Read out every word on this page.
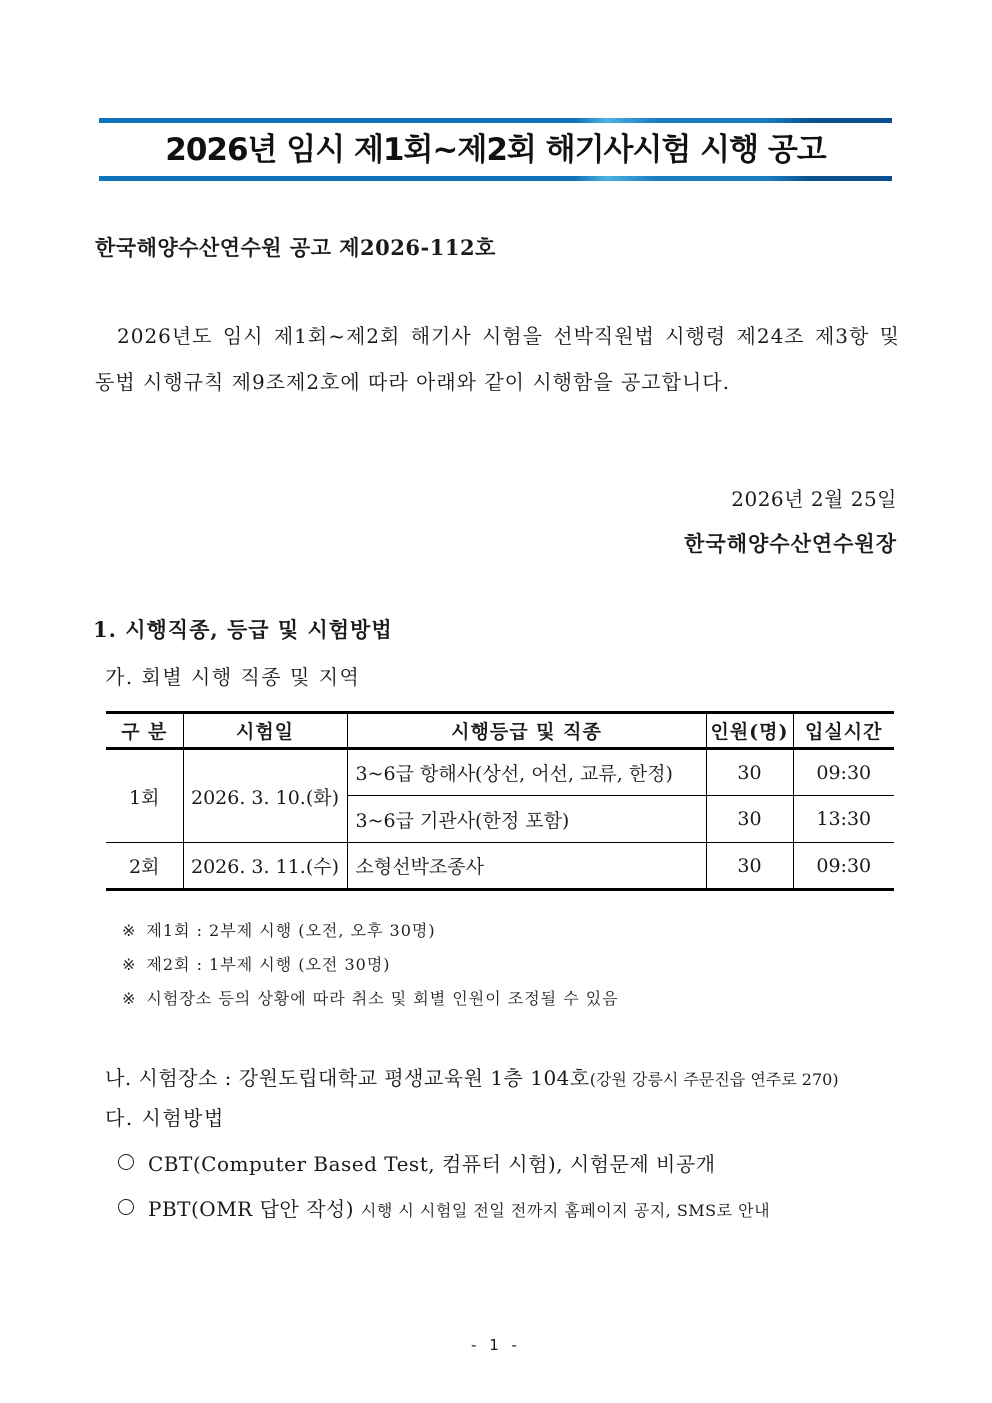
2026년 임시 제1회~제2회 해기사시험 시행 공고
한국해양수산연수원 공고 제2026-112호
2026년도 임시 제1회~제2회 해기사 시험을 선박직원법 시행령 제24조 제3항 및 동법 시행규칙 제9조제2호에 따라 아래와 같이 시행함을 공고합니다.
2026년 2월 25일
한국해양수산연수원장
1. 시행직종, 등급 및 시험방법
가. 회별 시행 직종 및 지역
구 분	시험일	시행등급 및 직종	인원(명)	입실시간
1회	2026. 3. 10.(화)	3~6급 항해사(상선, 어선, 교류, 한정)	30	09:30
		3~6급 기관사(한정 포함)	30	13:30
2회	2026. 3. 11.(수)	소형선박조종사	30	09:30
※ 제1회 : 2부제 시행 (오전, 오후 30명)
※ 제2회 : 1부제 시행 (오전 30명)
※ 시험장소 등의 상황에 따라 취소 및 회별 인원이 조정될 수 있음
나. 시험장소 : 강원도립대학교 평생교육원 1층 104호(강원 강릉시 주문진읍 연주로 270)
다. 시험방법
CBT(Computer Based Test, 컴퓨터 시험), 시험문제 비공개
PBT(OMR 답안 작성) 시행 시 시험일 전일 전까지 홈페이지 공지, SMS로 안내
- 1 -
